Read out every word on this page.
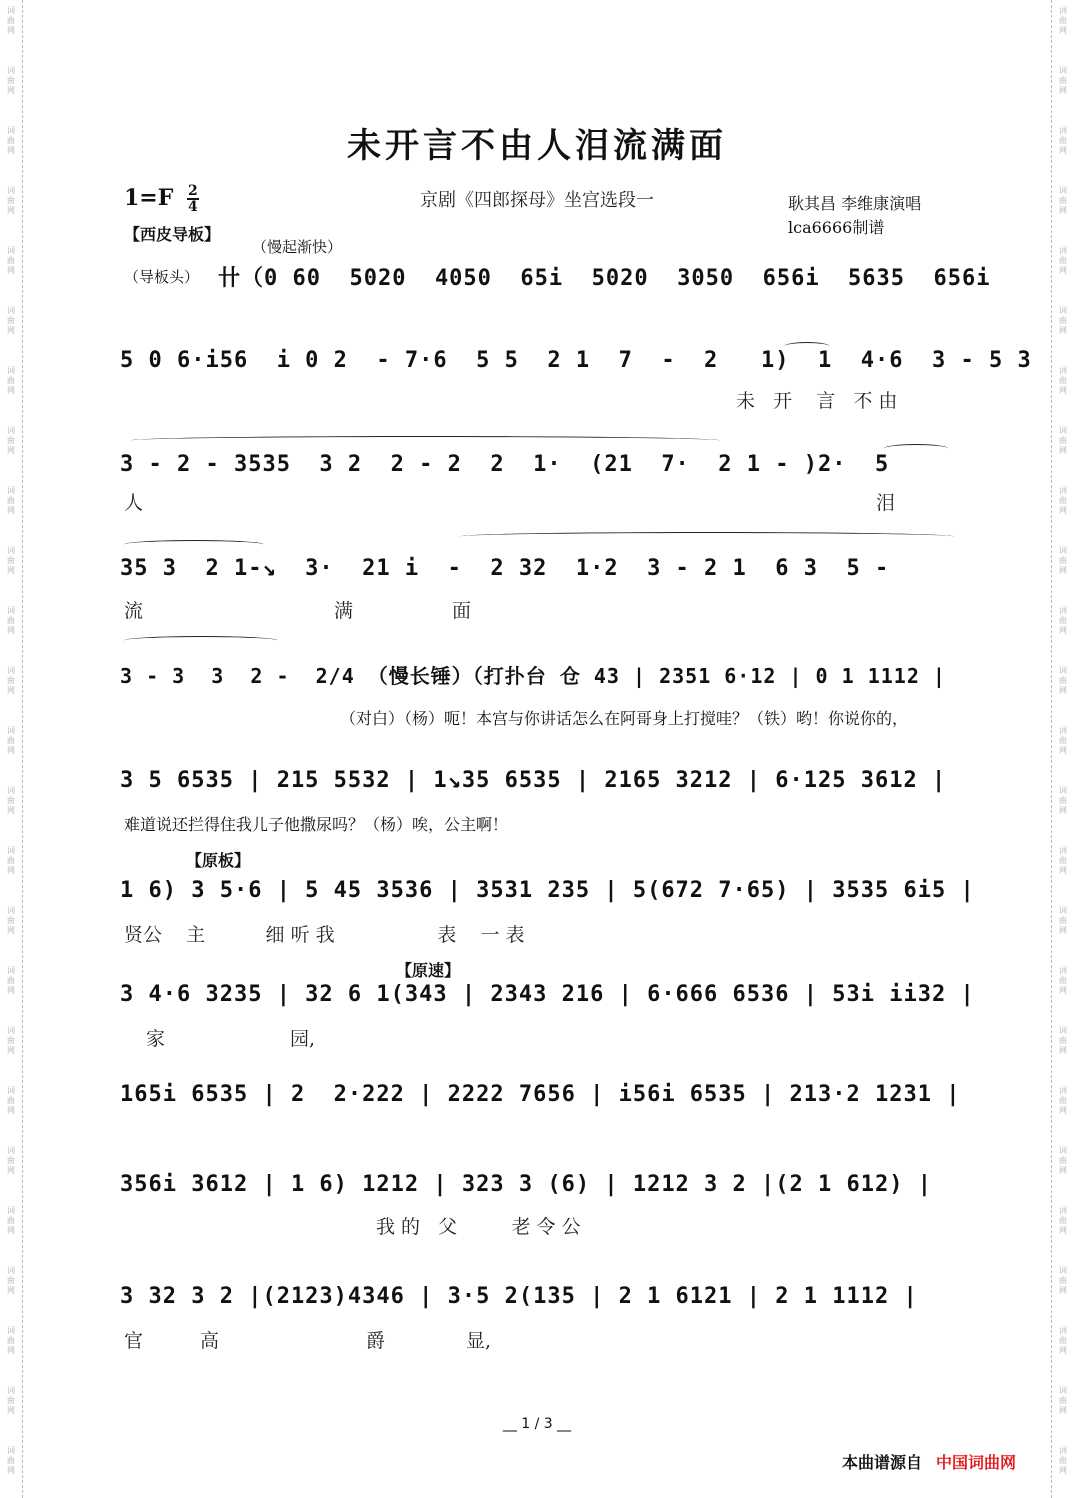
词
曲
网
词
曲
网
词
曲
网
词
曲
网
词
曲
网
词
曲
网
词
曲
网
词
曲
网
词
曲
网
词
曲
网
词
曲
网
词
曲
网
词
曲
网
词
曲
网
词
曲
网
词
曲
网
词
曲
网
词
曲
网
词
曲
网
词
曲
网
词
曲
网
词
曲
网
词
曲
网
词
曲
网
词
曲
网
词
曲
网
词
曲
网
词
曲
网
词
曲
网
词
曲
网
词
曲
网
词
曲
网
词
曲
网
词
曲
网
词
曲
网
词
曲
网
词
曲
网
词
曲
网
词
曲
网
词
曲
网
词
曲
网
词
曲
网
词
曲
网
词
曲
网
词
曲
网
词
曲
网
词
曲
网
词
曲
网
词
曲
网
词
曲
网
未开言不由人泪流满面
$1=F \frac{2}{4}$	京剧《四郎探母》坐宫选段一	耿其昌 李维康演唱
lca6666制谱
【西皮导板】
（慢起渐快）
（导板头） 卄（0 60  5020  4050  65i  5020  3050  656i  5635  656i
5 0 6·i56  i 0 2  - 7·6  5 5  2 1  7  -  2   1)  1  4·6  3 - 5 3
未   开    言   不 由
3 - 2 - 3535  3 2  2 - 2  2  1·  (21  7·  2 1 - )2·  5
人	泪
35 3  2 1-↘  3·  21 i  -  2 32  1·2  3 - 2 1  6 3  5 -
流	满	面
3 - 3  3  2 -  2/4 （慢长锤）（打扑台 仓 43 | 2351 6·12 | 0 1 1112 |
（对白）（杨）呃！本宫与你讲话怎么在阿哥身上打搅哇？（铁）哟！你说你的，
3 5 6535 | 215 5532 | 1↘35 6535 | 2165 3212 | 6·125 3612 |
难道说还拦得住我儿子他撒尿吗？（杨）唉，公主啊！
【原板】
1 6) 3 5·6 | 5 45 3536 | 3531 235 | 5(672 7·65) | 3535 6i5 |
贤公    主          细 听 我                 表    一 表
【原速】
3 4·6 3235 | 32 6 1(343 | 2343 216 | 6·666 6536 | 53i ii32 |
家	园,
165i 6535 | 2  2·222 | 2222 7656 | i56i 6535 | 213·2 1231 |
356i 3612 | 1 6) 1212 | 323 3 (6) | 1212 3 2 |(2 1 612) |
我 的   父         老 令 公
3 32 3 2 |(2123)4346 | 3·5 2(135 | 2 1 6121 | 2 1 1112 |
官	高	爵	显,
__ 1 / 3 __
本曲谱源自 中国词曲网
